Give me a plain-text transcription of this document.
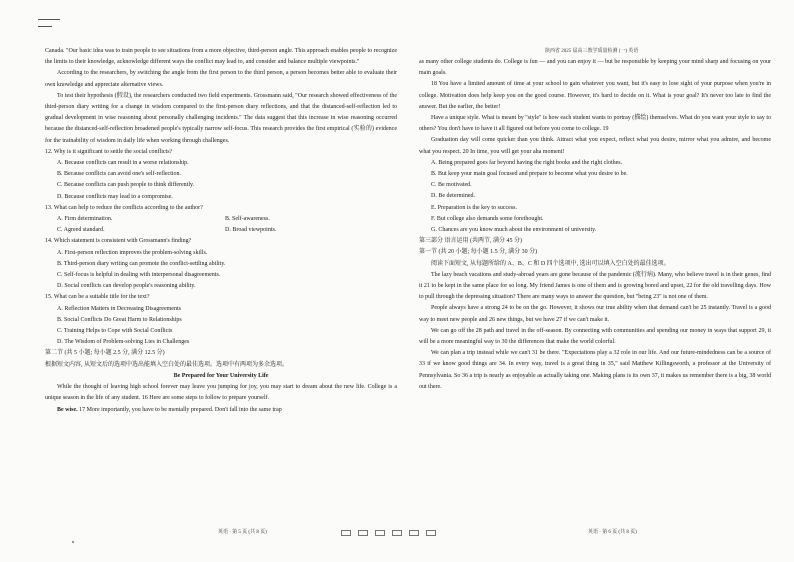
陕西省 2025 届高三教学质量检测 (一) 英语

Canada. "Our basic idea was to train people to see situations from a more objective, third-person angle. This approach enables people to recognize the limits to their knowledge, acknowledge different ways the conflict may lead to, and consider and balance multiple viewpoints."

According to the researchers, by switching the angle from the first person to the third person, a person becomes better able to evaluate their own knowledge and appreciate alternative views.

To test their hypothesis (假设), the researchers conducted two field experiments. Grossmann said, "Our research showed effectiveness of the third-person diary writing for a change in wisdom compared to the first-person diary reflections, and that the distanced-self-reflection led to gradual development in wise reasoning about personally challenging incidents." The data suggest that this increase in wise reasoning occurred because the distanced-self-reflection broadened people's typically narrow self-focus. This research provides the first empirical (实验的) evidence for the trainability of wisdom in daily life when working through challenges.

12. Why is it significant to settle the social conflicts?

A. Because conflicts can result in a worse relationship.

B. Because conflicts can avoid one's self-reflection.

C. Because conflicts can push people to think differently.

D. Because conflicts may lead to a compromise.

13. What can help to reduce the conflicts according to the author?

A. Firm determination.	B. Self-awareness.
C. Agreed standard.	D. Broad viewpoints.

14. Which statement is consistent with Grossmann's finding?

A. First-person reflection improves the problem-solving skills.

B. Third-person diary writing can promote the conflict-settling ability.

C. Self-focus is helpful in dealing with interpersonal disagreements.

D. Social conflicts can develop people's reasoning ability.

15. What can be a suitable title for the text?

A. Reflection Matters in Decreasing Disagreements

B. Social Conflicts Do Great Harm to Relationships

C. Training Helps to Cope with Social Conflicts

D. The Wisdom of Problem-solving Lies in Challenges

第二节 (共 5 小题; 每小题 2.5 分, 满分 12.5 分)

根据短文内容, 从短文后的选项中选出能填入空白处的最佳选项。选项中有两项为多余选项。

Be Prepared for Your University Life

While the thought of leaving high school forever may leave you jumping for joy, you may start to dream about the new life. College is a unique season in the life of any student. 16 Here are some steps to follow to prepare yourself.

Be wise. 17 More importantly, you have to be mentally prepared. Don't fall into the same trap

as many other college students do. College is fun — and you can enjoy it — but be responsible by keeping your mind sharp and focusing on your main goals.

18 You have a limited amount of time at your school to gain whatever you want, but it's easy to lose sight of your purpose when you're in college. Motivation does help keep you on the good course. However, it's hard to decide on it. What is your goal? It's never too late to find the answer. But the earlier, the better!

Have a unique style. What is meant by "style" is how each student wants to portray (描绘) themselves. What do you want your style to say to others? You don't have to have it all figured out before you come to college. 19

Graduation day will come quicker than you think. Attract what you expect, reflect what you desire, mirror what you admire, and become what you respect. 20 In time, you will get your aha moment!

A. Being prepared goes far beyond having the right books and the right clothes.

B. But keep your main goal focused and prepare to become what you desire to be.

C. Be motivated.

D. Be determined.

E. Preparation is the key to success.

F. But college also demands some forethought.

G. Chances are you know much about the environment of university.

第三部分 语言运用 (共两节, 满分 45 分)

第一节 (共 20 小题; 每小题 1.5 分, 满分 30 分)

阅读下面短文, 从每题所给的 A、B、C 和 D 四个选项中, 选出可以填入空白处的最佳选项。

The lazy beach vacations and study-abroad years are gone because of the pandemic (流行病). Many, who believe travel is in their genes, find it 21 to be kept in the same place for so long. My friend James is one of them and is growing bored and upset, 22 for the old travelling days. How to pull through the depressing situation? There are many ways to answer the question, but "being 23" is not one of them.

People always have a strong 24 to be on the go. However, it shows our true ability when that demand can't be 25 instantly. Travel is a good way to meet new people and 26 new things, but we have 27 if we can't make it.

We can go off the 28 path and travel in the off-season. By connecting with communities and spending our money in ways that support 29, it will be a more meaningful way to 30 the differences that make the world colorful.

We can plan a trip instead while we can't 31 be there. "Expectations play a 32 role in our life. And our future-mindedness can be a source of 33 if we know good things are 34. In every way, travel is a great thing in 35," said Matthew Killingsworth, a professor at the University of Pennsylvania. So 36 a trip is nearly as enjoyable as actually taking one. Making plans is its own 37, it makes us remember there is a big, 38 world out there.

英语 · 第 5 页 (共 8 页)	英语 · 第 6 页 (共 8 页)
